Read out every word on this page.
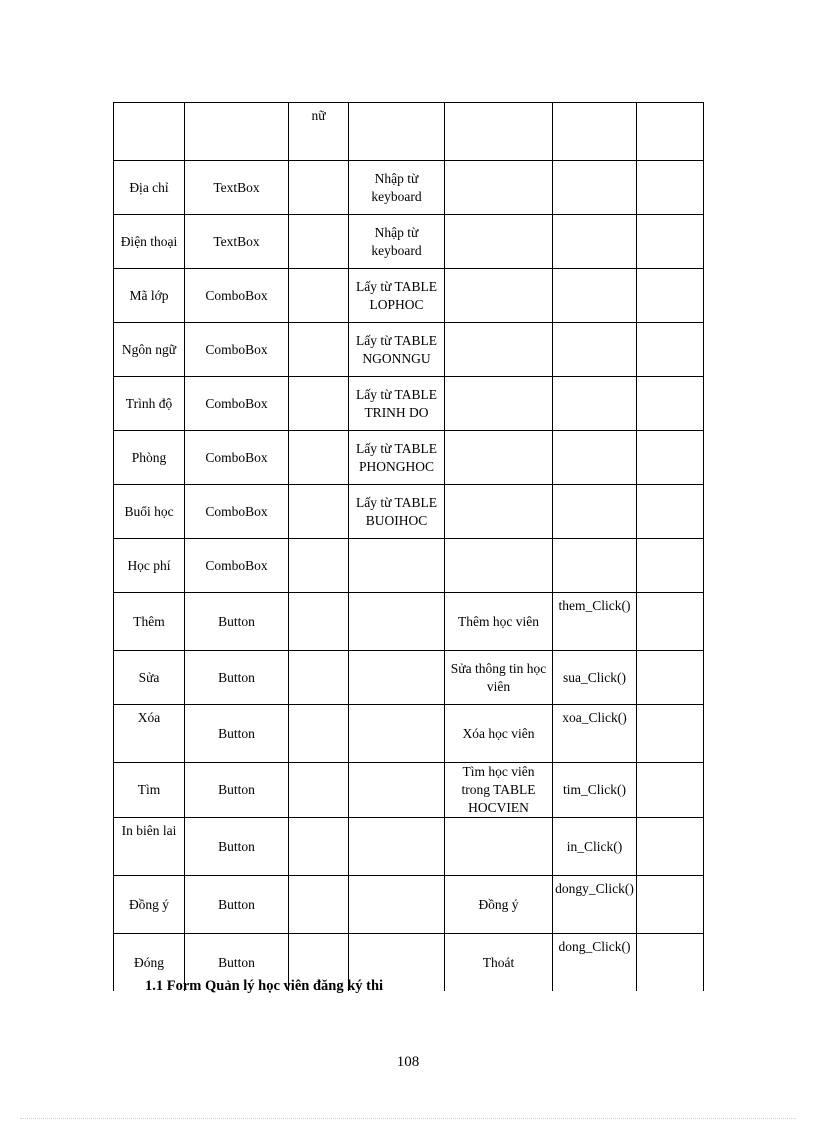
		nữ				
Địa chỉ	TextBox		Nhập từ keyboard			
Điện thoại	TextBox		Nhập từ keyboard			
Mã lớp	ComboBox		Lấy từ TABLE LOPHOC			
Ngôn ngữ	ComboBox		Lấy từ TABLE NGONNGU			
Trình độ	ComboBox		Lấy từ TABLE TRINH DO			
Phòng	ComboBox		Lấy từ TABLE PHONGHOC			
Buổi học	ComboBox		Lấy từ TABLE BUOIHOC			
Học phí	ComboBox					
Thêm	Button			Thêm học viên	them_Click()	
Sửa	Button			Sửa thông tin học viên	sua_Click()	
Xóa	Button			Xóa học viên	xoa_Click()	
Tìm	Button			Tìm học viên trong TABLE HOCVIEN	tim_Click()	
In biên lai	Button				in_Click()	
Đồng ý	Button			Đồng ý	dongy_Click()	
Đóng	Button			Thoát	dong_Click()	
1.1 Form Quản lý học viên đăng ký thi
108
